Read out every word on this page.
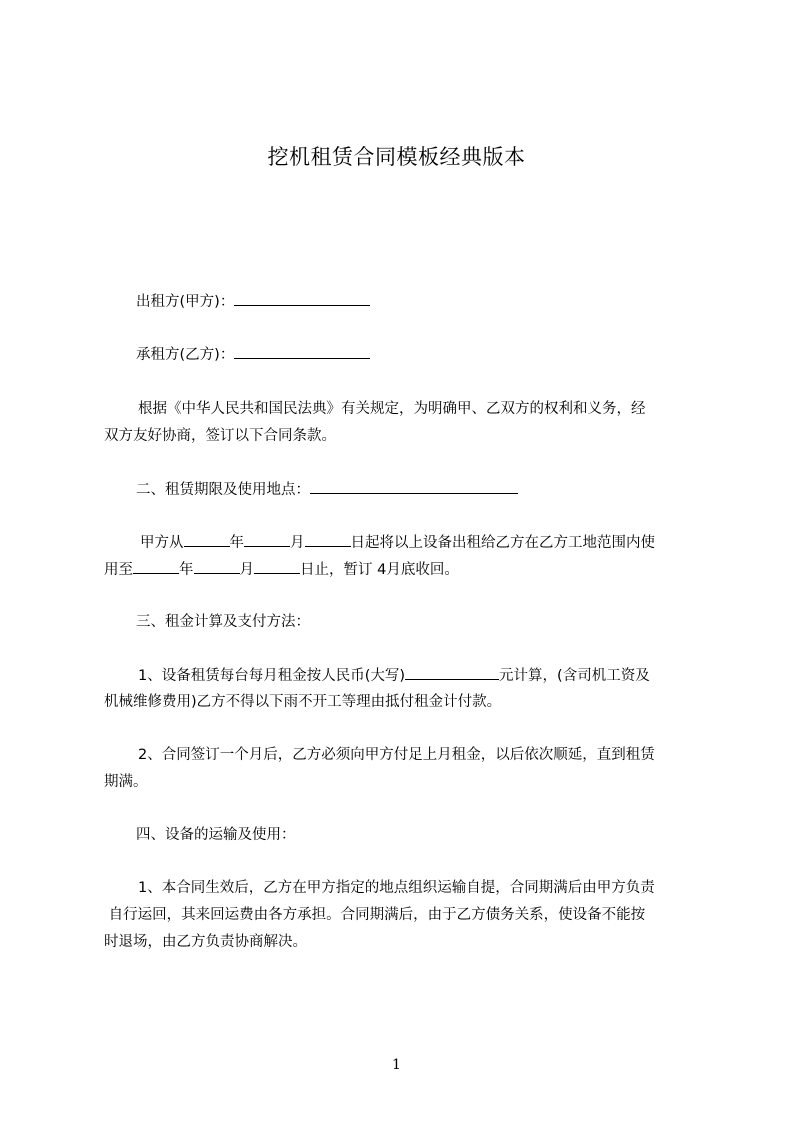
挖机租赁合同模板经典版本
出租方(甲方)：
承租方(乙方)：
根据《中华人民共和国民法典》有关规定，为明确甲、乙双方的权利和义务，经
双方友好协商，签订以下合同条款。
二、租赁期限及使用地点：
甲方从	年	月	日起将以上设备出租给乙方在乙方工地范围内使
用至	年	月	日止，暂订 4月底收回。
三、租金计算及支付方法：
1、设备租赁每台每月租金按人民币(大写)	元计算，(含司机工资及
机械维修费用)乙方不得以下雨不开工等理由抵付租金计付款。
2、合同签订一个月后，乙方必须向甲方付足上月租金，以后依次顺延，直到租赁
期满。
四、设备的运输及使用：
1、本合同生效后，乙方在甲方指定的地点组织运输自提，合同期满后由甲方负责
自行运回，其来回运费由各方承担。合同期满后，由于乙方债务关系，使设备不能按
时退场，由乙方负责协商解决。
1
